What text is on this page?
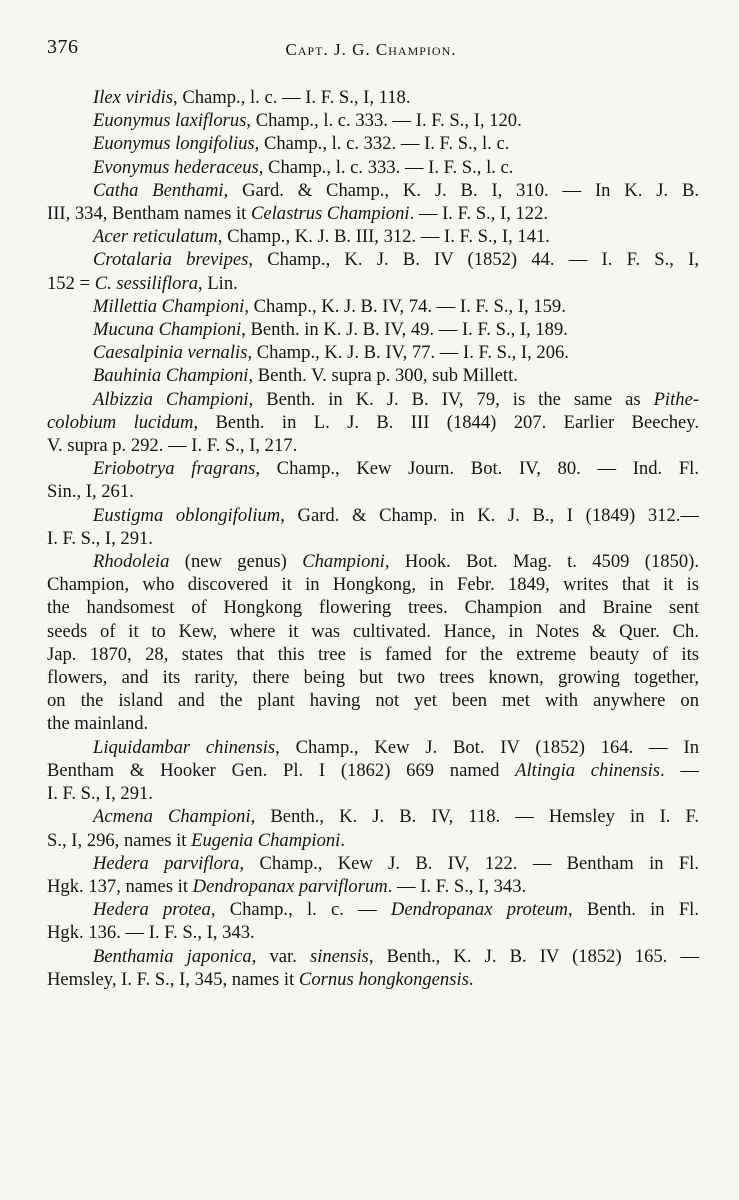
376	Capt. J. G. Champion.
Ilex viridis, Champ., l. c. — I. F. S., I, 118.
Euonymus laxiflorus, Champ., l. c. 333. — I. F. S., I, 120.
Euonymus longifolius, Champ., l. c. 332. — I. F. S., l. c.
Evonymus hederaceus, Champ., l. c. 333. — I. F. S., l. c.
Catha Benthami, Gard. & Champ., K. J. B. I, 310. — In K. J. B.
III, 334, Bentham names it Celastrus Championi. — I. F. S., I, 122.
Acer reticulatum, Champ., K. J. B. III, 312. — I. F. S., I, 141.
Crotalaria brevipes, Champ., K. J. B. IV (1852) 44. — I. F. S., I,
152 = C. sessiliflora, Lin.
Millettia Championi, Champ., K. J. B. IV, 74. — I. F. S., I, 159.
Mucuna Championi, Benth. in K. J. B. IV, 49. — I. F. S., I, 189.
Caesalpinia vernalis, Champ., K. J. B. IV, 77. — I. F. S., I, 206.
Bauhinia Championi, Benth. V. supra p. 300, sub Millett.
Albizzia Championi, Benth. in K. J. B. IV, 79, is the same as Pithe-
colobium lucidum, Benth. in L. J. B. III (1844) 207. Earlier Beechey.
V. supra p. 292. — I. F. S., I, 217.
Eriobotrya fragrans, Champ., Kew Journ. Bot. IV, 80. — Ind. Fl.
Sin., I, 261.
Eustigma oblongifolium, Gard. & Champ. in K. J. B., I (1849) 312.—
I. F. S., I, 291.
Rhodoleia (new genus) Championi, Hook. Bot. Mag. t. 4509 (1850).
Champion, who discovered it in Hongkong, in Febr. 1849, writes that it is
the handsomest of Hongkong flowering trees. Champion and Braine sent
seeds of it to Kew, where it was cultivated. Hance, in Notes & Quer. Ch.
Jap. 1870, 28, states that this tree is famed for the extreme beauty of its
flowers, and its rarity, there being but two trees known, growing together,
on the island and the plant having not yet been met with anywhere on
the mainland.
Liquidambar chinensis, Champ., Kew J. Bot. IV (1852) 164. — In
Bentham & Hooker Gen. Pl. I (1862) 669 named Altingia chinensis. —
I. F. S., I, 291.
Acmena Championi, Benth., K. J. B. IV, 118. — Hemsley in I. F.
S., I, 296, names it Eugenia Championi.
Hedera parviflora, Champ., Kew J. B. IV, 122. — Bentham in Fl.
Hgk. 137, names it Dendropanax parviflorum. — I. F. S., I, 343.
Hedera protea, Champ., l. c. — Dendropanax proteum, Benth. in Fl.
Hgk. 136. — I. F. S., I, 343.
Benthamia japonica, var. sinensis, Benth., K. J. B. IV (1852) 165. —
Hemsley, I. F. S., I, 345, names it Cornus hongkongensis.
